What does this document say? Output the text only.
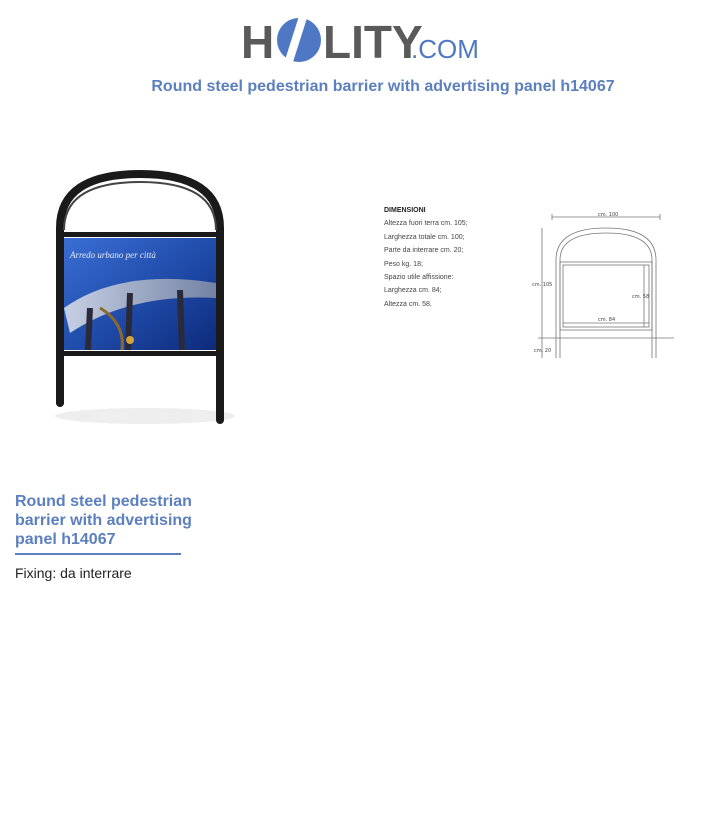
H LITY
.COM
Round steel pedestrian barrier with advertising panel h14067
Arredo urbano per città
DIMENSIONI
Altezza fuori terra cm. 105;
Larghezza totale cm. 100;
Parte da interrare cm. 20;
Peso kg. 18;
Spazio utile affissione:
Larghezza cm. 84;
Altezza cm. 58.
cm. 100
cm. 105
cm. 58
cm. 84
cm. 20
Round steel pedestrian barrier with advertising panel h14067
Fixing: da interrare
